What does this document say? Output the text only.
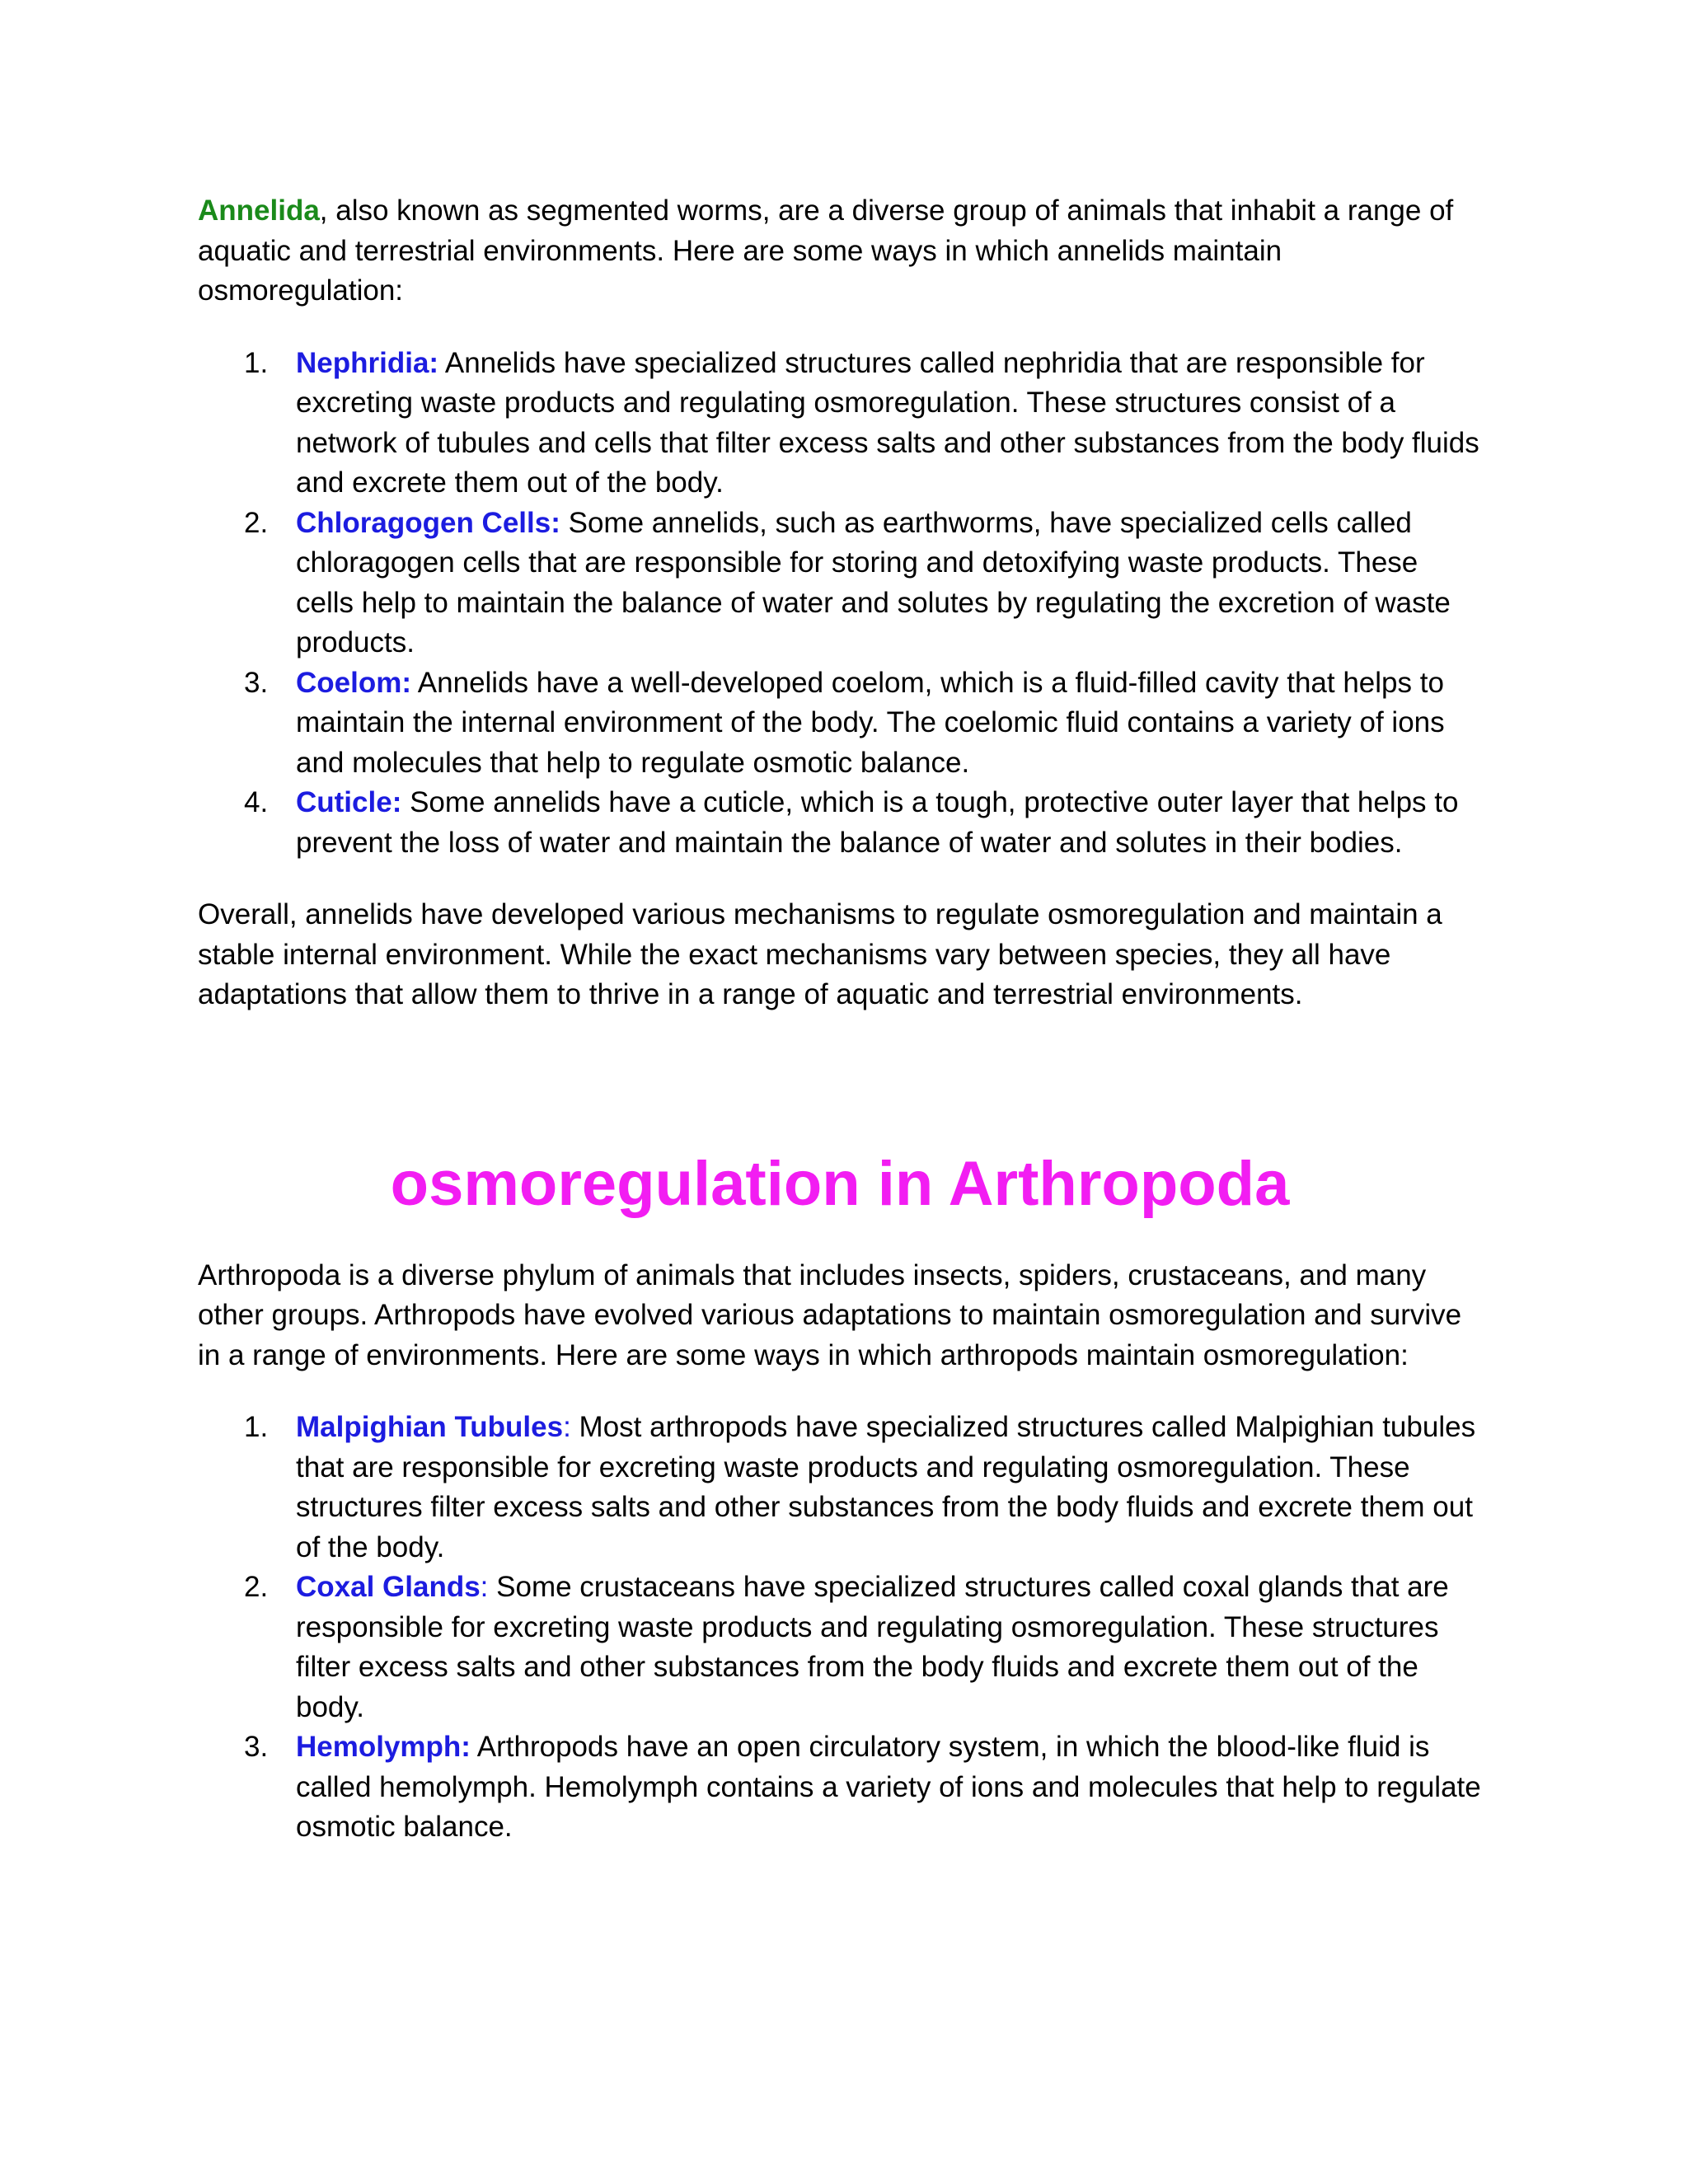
Annelida, also known as segmented worms, are a diverse group of animals that inhabit a range of aquatic and terrestrial environments. Here are some ways in which annelids maintain osmoregulation:

1. Nephridia: Annelids have specialized structures called nephridia that are responsible for excreting waste products and regulating osmoregulation. These structures consist of a network of tubules and cells that filter excess salts and other substances from the body fluids and excrete them out of the body.
2. Chloragogen Cells: Some annelids, such as earthworms, have specialized cells called chloragogen cells that are responsible for storing and detoxifying waste products. These cells help to maintain the balance of water and solutes by regulating the excretion of waste products.
3. Coelom: Annelids have a well-developed coelom, which is a fluid-filled cavity that helps to maintain the internal environment of the body. The coelomic fluid contains a variety of ions and molecules that help to regulate osmotic balance.
4. Cuticle: Some annelids have a cuticle, which is a tough, protective outer layer that helps to prevent the loss of water and maintain the balance of water and solutes in their bodies.

Overall, annelids have developed various mechanisms to regulate osmoregulation and maintain a stable internal environment. While the exact mechanisms vary between species, they all have adaptations that allow them to thrive in a range of aquatic and terrestrial environments.

osmoregulation in Arthropoda

Arthropoda is a diverse phylum of animals that includes insects, spiders, crustaceans, and many other groups. Arthropods have evolved various adaptations to maintain osmoregulation and survive in a range of environments. Here are some ways in which arthropods maintain osmoregulation:

1. Malpighian Tubules: Most arthropods have specialized structures called Malpighian tubules that are responsible for excreting waste products and regulating osmoregulation. These structures filter excess salts and other substances from the body fluids and excrete them out of the body.
2. Coxal Glands: Some crustaceans have specialized structures called coxal glands that are responsible for excreting waste products and regulating osmoregulation. These structures filter excess salts and other substances from the body fluids and excrete them out of the body.
3. Hemolymph: Arthropods have an open circulatory system, in which the blood-like fluid is called hemolymph. Hemolymph contains a variety of ions and molecules that help to regulate osmotic balance.
